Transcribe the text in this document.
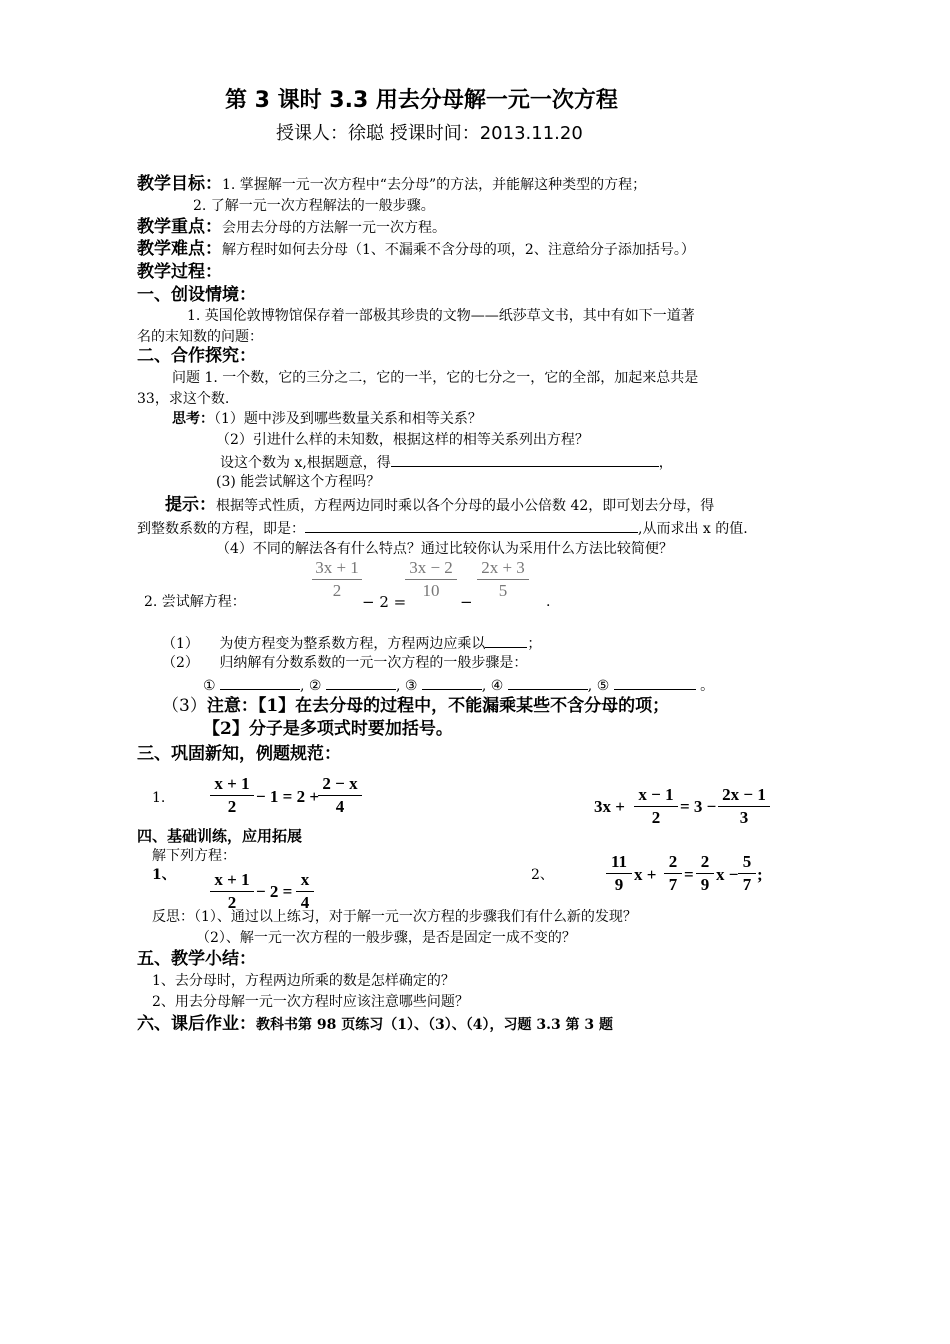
第 3 课时 3.3 用去分母解一元一次方程
授课人：徐聪 授课时间：2013.11.20
教学目标：1. 掌握解一元一次方程中“去分母”的方法，并能解这种类型的方程；
2. 了解一元一次方程解法的一般步骤。
教学重点：会用去分母的方法解一元一次方程。
教学难点：解方程时如何去分母（1、不漏乘不含分母的项，2、注意给分子添加括号。）
教学过程：
一、创设情境：
1. 英国伦敦博物馆保存着一部极其珍贵的文物——纸莎草文书，其中有如下一道著
名的末知数的问题：
二、合作探究：
问题 1. 一个数，它的三分之二，它的一半，它的七分之一，它的全部，加起来总共是
33，求这个数.
思考：（1）题中涉及到哪些数量关系和相等关系？
（2）引进什么样的未知数，根据这样的相等关系列出方程？
设这个数为 x,根据题意，得	，
(3) 能尝试解这个方程吗？
提示：根据等式性质，方程两边同时乘以各个分母的最小公倍数 42，即可划去分母，得
到整数系数的方程，即是：	,从而求出 x 的值.
（4）不同的解法各有什么特点？通过比较你认为采用什么方法比较简便？
2. 尝试解方程：
3x + 1
2
− 2 =
3x − 2
10
−
2x + 3
5
.
（1） 为使方程变为整系数方程，方程两边应乘以	；
（2） 归纳解有分数系数的一元一次方程的一般步骤是：
①	, ②	, ③	, ④	, ⑤	。
（3）注意：【1】在去分母的过程中，不能漏乘某些不含分母的项；
【2】分子是多项式时要加括号。
三、巩固新知，例题规范：
1.
x + 1
2
− 1 = 2 +
2 − x
4	3x +
x − 1
2
= 3 −
2x − 1
3
四、基础训练，应用拓展
解下列方程：
1、 x + 1
2
− 2 =
x
4
2、
11
9
x +
2
7
=
2
9
x −
5
7
;
反思：（1）、通过以上练习，对于解一元一次方程的步骤我们有什么新的发现？
（2）、解一元一次方程的一般步骤，是否是固定一成不变的？
五、教学小结：
1、去分母时，方程两边所乘的数是怎样确定的？
2、用去分母解一元一次方程时应该注意哪些问题？
六、课后作业：教科书第 98 页练习（1）、（3）、（4），习题 3.3 第 3 题
